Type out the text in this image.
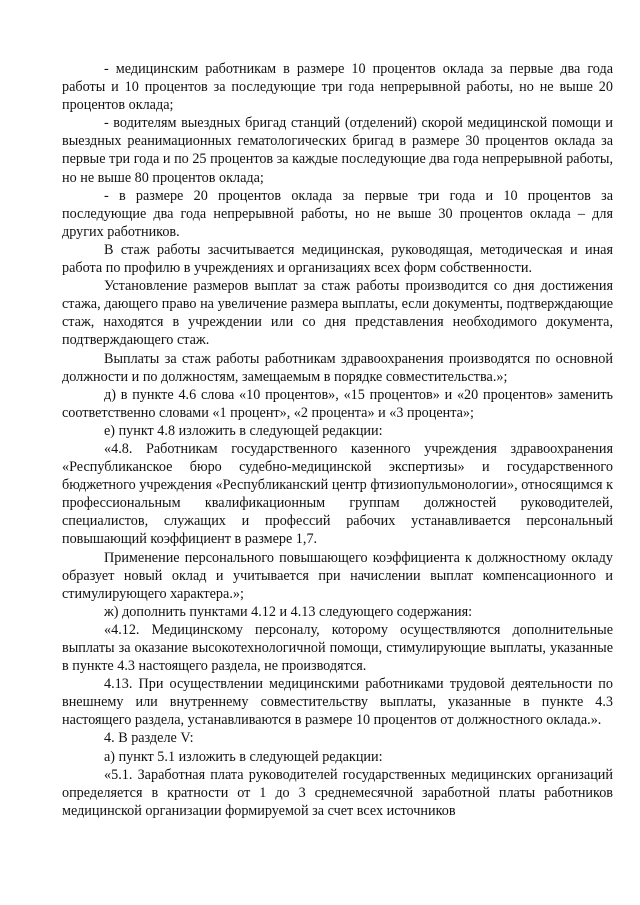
- медицинским работникам в размере 10 процентов оклада за первые два года работы и 10 процентов за последующие три года непрерывной работы, но не выше 20 процентов оклада;

- водителям выездных бригад станций (отделений) скорой медицинской помощи и выездных реанимационных гематологических бригад в размере 30 процентов оклада за первые три года и по 25 процентов за каждые последующие два года непрерывной работы, но не выше 80 процентов оклада;

- в размере 20 процентов оклада за первые три года и 10 процентов за последующие два года непрерывной работы, но не выше 30 процентов оклада – для других работников.

В стаж работы засчитывается медицинская, руководящая, методическая и иная работа по профилю в учреждениях и организациях всех форм собственности.

Установление размеров выплат за стаж работы производится со дня достижения стажа, дающего право на увеличение размера выплаты, если документы, подтверждающие стаж, находятся в учреждении или со дня представления необходимого документа, подтверждающего стаж.

Выплаты за стаж работы работникам здравоохранения производятся по основной должности и по должностям, замещаемым в порядке совместительства.»;

д) в пункте 4.6 слова «10 процентов», «15 процентов» и «20 процентов» заменить соответственно словами «1 процент», «2 процента» и «3 процента»;

е) пункт 4.8 изложить в следующей редакции:

«4.8. Работникам государственного казенного учреждения здравоохранения «Республиканское бюро судебно-медицинской экспертизы» и государственного бюджетного учреждения «Республиканский центр фтизиопульмонологии», относящимся к профессиональным квалификационным группам должностей руководителей, специалистов, служащих и профессий рабочих устанавливается персональный повышающий коэффициент в размере 1,7.

Применение персонального повышающего коэффициента к должностному окладу образует новый оклад и учитывается при начислении выплат компенсационного и стимулирующего характера.»;

ж) дополнить пунктами 4.12 и 4.13 следующего содержания:

«4.12. Медицинскому персоналу, которому осуществляются дополнительные выплаты за оказание высокотехнологичной помощи, стимулирующие выплаты, указанные в пункте 4.3 настоящего раздела, не производятся.

4.13. При осуществлении медицинскими работниками трудовой деятельности по внешнему или внутреннему совместительству выплаты, указанные в пункте 4.3 настоящего раздела, устанавливаются в размере 10 процентов от должностного оклада.».

4. В разделе V:

а) пункт 5.1 изложить в следующей редакции:

«5.1. Заработная плата руководителей государственных медицинских организаций определяется в кратности от 1 до 3 среднемесячной заработной платы работников медицинской организации формируемой за счет всех источников
